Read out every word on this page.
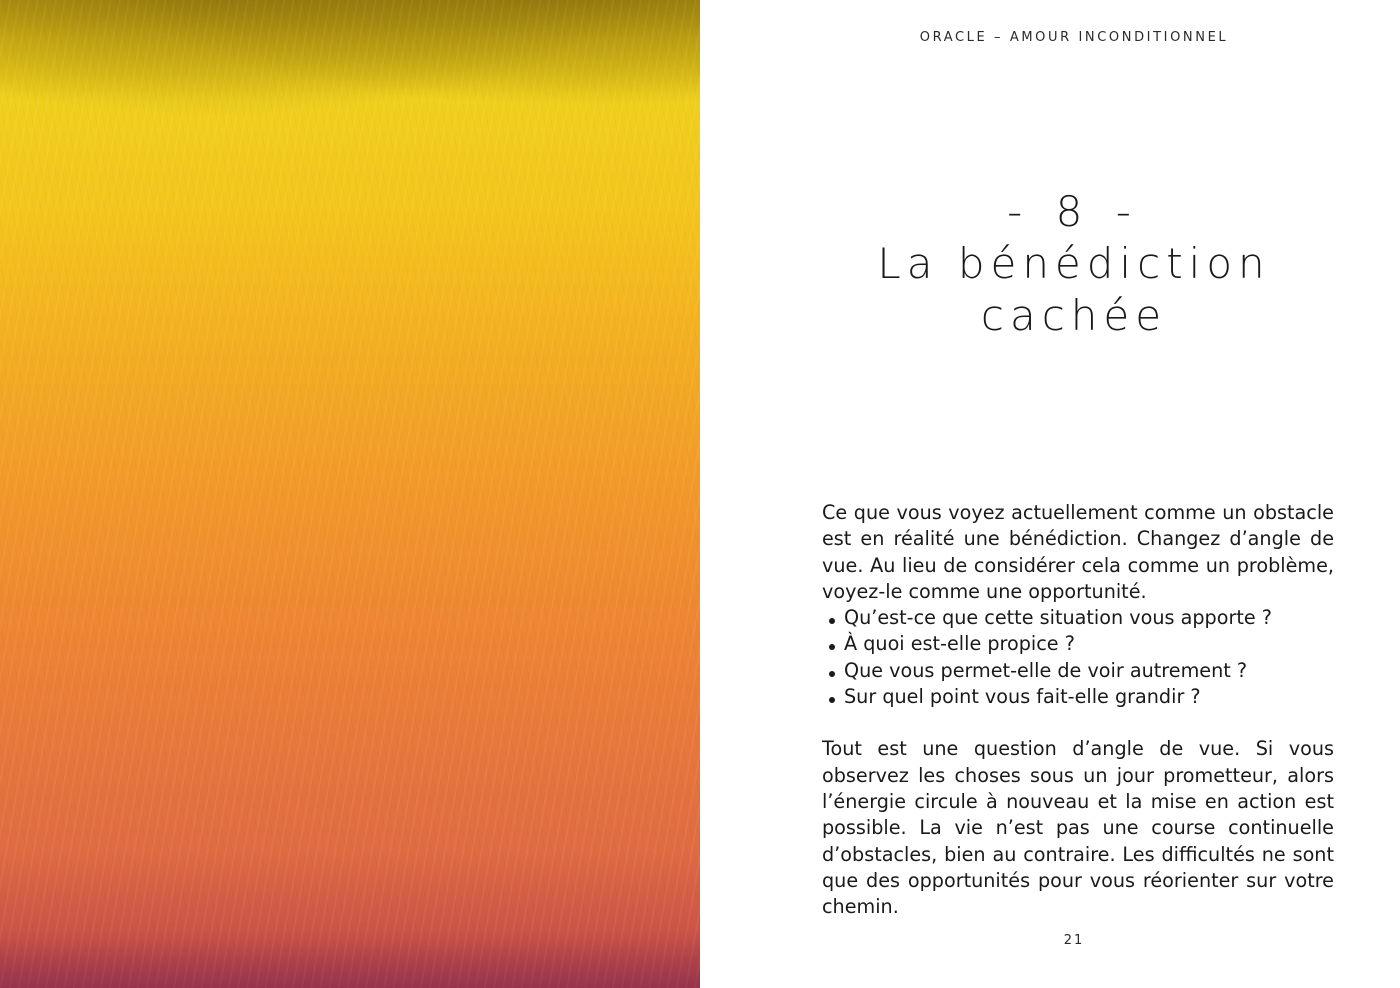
ORACLE – AMOUR INCONDITIONNEL
- 8 -
La bénédiction
cachée

Ce que vous voyez actuellement comme un obstacle est en réalité une bénédiction. Changez d’angle de vue. Au lieu de considérer cela comme un problème, voyez-le comme une opportunité.

Qu’est-ce que cette situation vous apporte ?
À quoi est-elle propice ?
Que vous permet-elle de voir autrement ?
Sur quel point vous fait-elle grandir ?

Tout est une question d’angle de vue. Si vous observez les choses sous un jour prometteur, alors l’énergie circule à nouveau et la mise en action est possible. La vie n’est pas une course continuelle d’obstacles, bien au contraire. Les difficultés ne sont que des opportunités pour vous réorienter sur votre chemin.

21
